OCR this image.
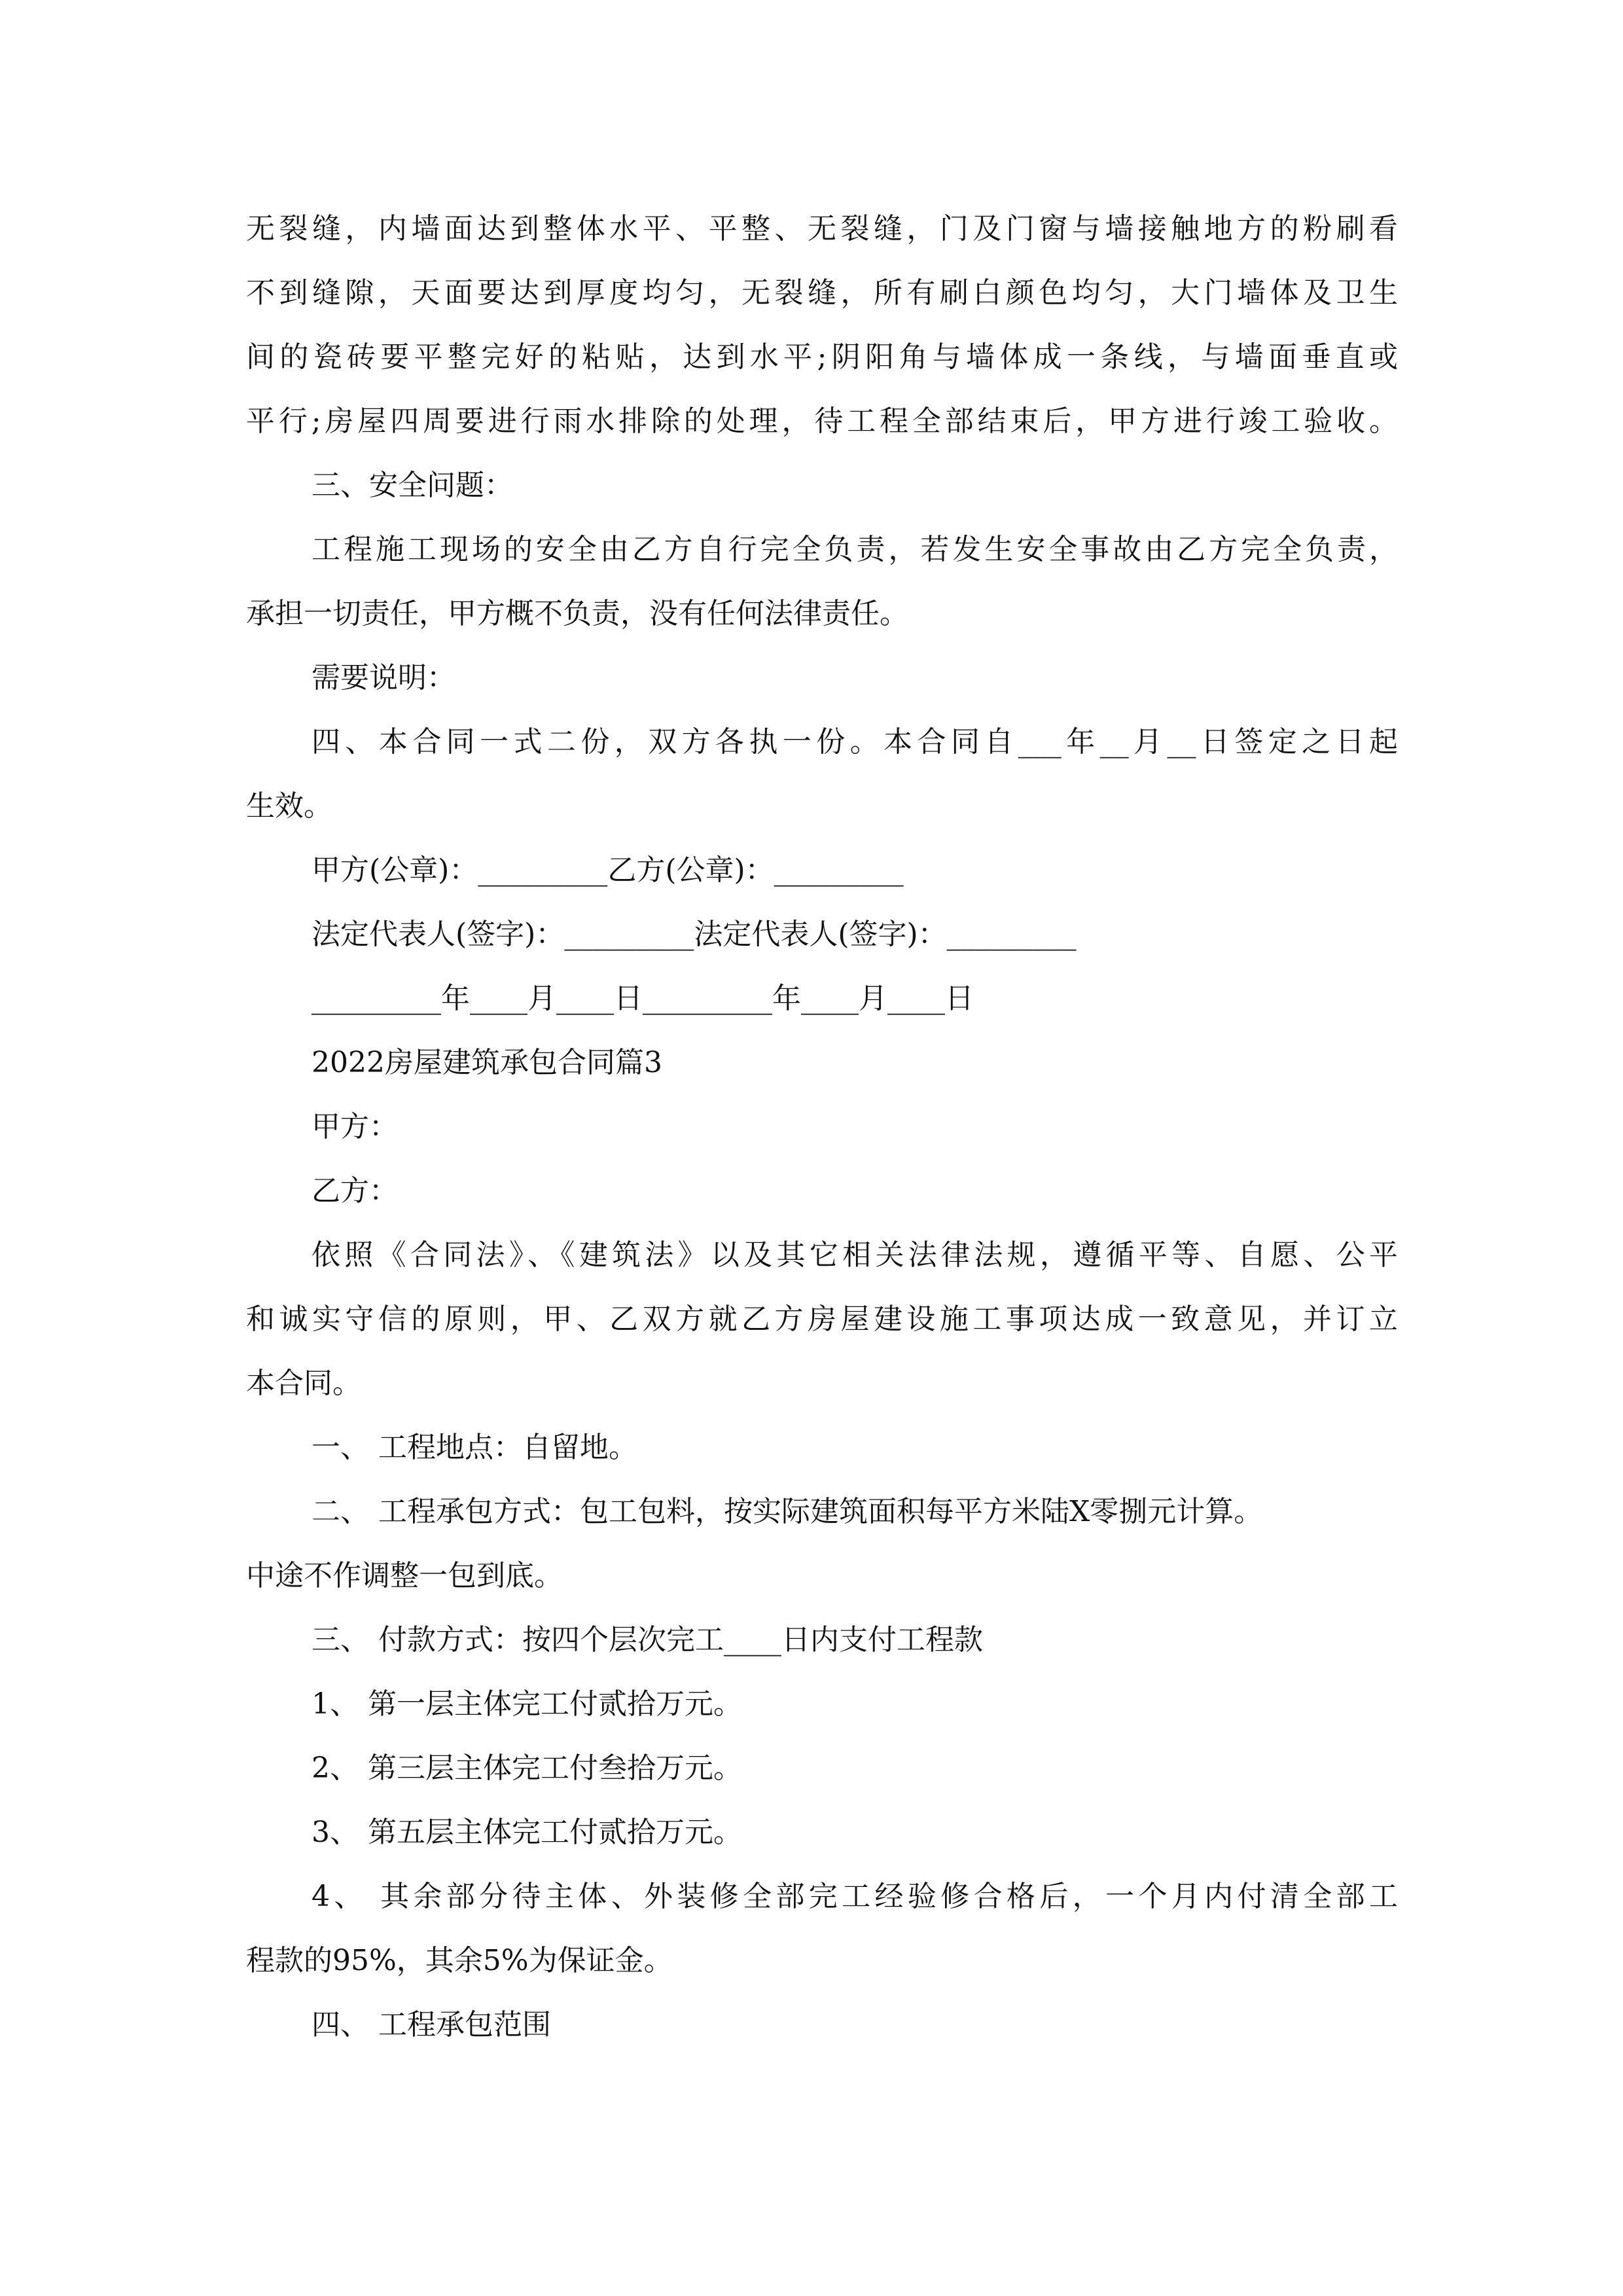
无裂缝，内墙面达到整体水平、平整、无裂缝，门及门窗与墙接触地方的粉刷看
不到缝隙，天面要达到厚度均匀，无裂缝，所有刷白颜色均匀，大门墙体及卫生
间的瓷砖要平整完好的粘贴，达到水平;阴阳角与墙体成一条线，与墙面垂直或
平行;房屋四周要进行雨水排除的处理，待工程全部结束后，甲方进行竣工验收。
三、安全问题：
工程施工现场的安全由乙方自行完全负责，若发生安全事故由乙方完全负责，
承担一切责任，甲方概不负责，没有任何法律责任。
需要说明：
四、本合同一式二份，双方各执一份。本合同自___年__月__日签定之日起
生效。
甲方(公章)：_________乙方(公章)：_________
法定代表人(签字)：_________法定代表人(签字)：_________
_________年____月____日_________年____月____日
2022房屋建筑承包合同篇3
甲方：
乙方：
依照《合同法》、《建筑法》以及其它相关法律法规，遵循平等、自愿、公平
和诚实守信的原则，甲、乙双方就乙方房屋建设施工事项达成一致意见，并订立
本合同。
一、 工程地点：自留地。
二、 工程承包方式：包工包料，按实际建筑面积每平方米陆X零捌元计算。
中途不作调整一包到底。
三、 付款方式：按四个层次完工____日内支付工程款
1、 第一层主体完工付贰拾万元。
2、 第三层主体完工付叁拾万元。
3、 第五层主体完工付贰拾万元。
4、 其余部分待主体、外装修全部完工经验修合格后，一个月内付清全部工
程款的95%，其余5%为保证金。
四、 工程承包范围
